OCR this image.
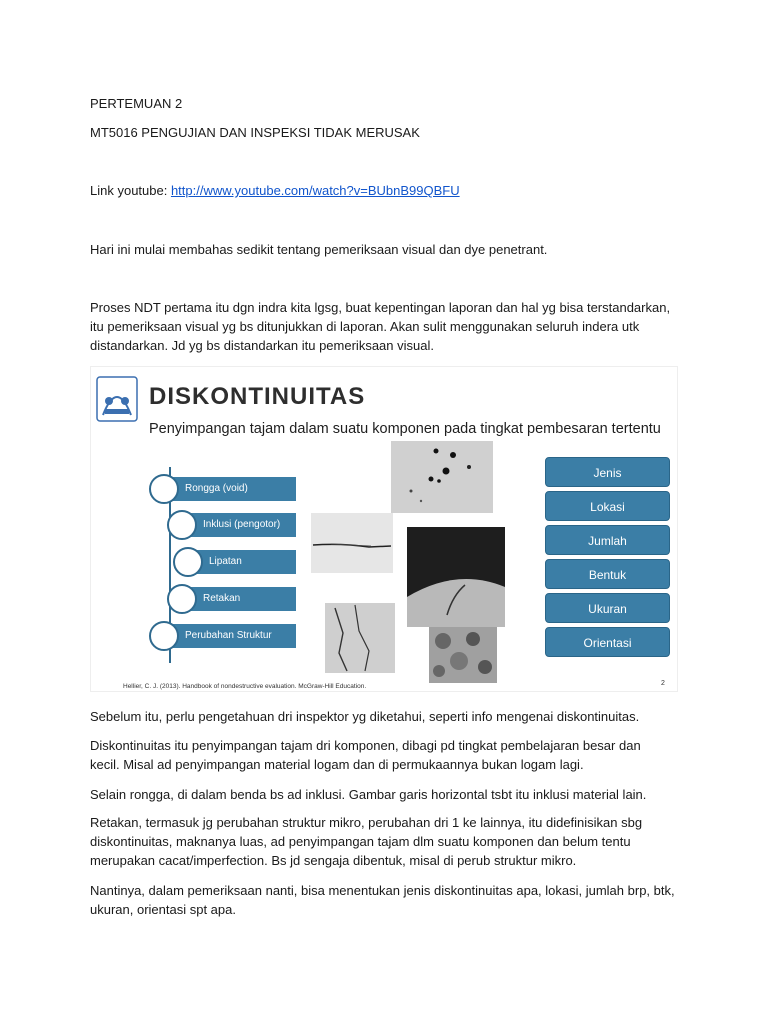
PERTEMUAN 2

MT5016 PENGUJIAN DAN INSPEKSI TIDAK MERUSAK

Link youtube: http://www.youtube.com/watch?v=BUbnB99QBFU

Hari ini mulai membahas sedikit tentang pemeriksaan visual dan dye penetrant.

Proses NDT pertama itu dgn indra kita lgsg, buat kepentingan laporan dan hal yg bisa terstandarkan, itu pemeriksaan visual yg bs ditunjukkan di laporan. Akan sulit menggunakan seluruh indera utk distandarkan. Jd yg bs distandarkan itu pemeriksaan visual.

DISKONTINUITAS
Penyimpangan tajam dalam suatu komponen pada tingkat pembesaran tertentu
Rongga (void)
Inklusi (pengotor)
Lipatan
Retakan
Perubahan Struktur Mikro
Jenis
Lokasi
Jumlah
Bentuk
Ukuran
Orientasi
Hellier, C. J. (2013). Handbook of nondestructive evaluation. McGraw-Hill Education.	2

Sebelum itu, perlu pengetahuan dri inspektor yg diketahui, seperti info mengenai diskontinuitas.

Diskontinuitas itu penyimpangan tajam dri komponen, dibagi pd tingkat pembelajaran besar dan kecil. Misal ad penyimpangan material logam dan di permukaannya bukan logam lagi.

Selain rongga, di dalam benda bs ad inklusi. Gambar garis horizontal tsbt itu inklusi material lain.

Retakan, termasuk jg perubahan struktur mikro, perubahan dri 1 ke lainnya, itu didefinisikan sbg diskontinuitas, maknanya luas, ad penyimpangan tajam dlm suatu komponen dan belum tentu merupakan cacat/imperfection. Bs jd sengaja dibentuk, misal di perub struktur mikro.

Nantinya, dalam pemeriksaan nanti, bisa menentukan jenis diskontinuitas apa, lokasi, jumlah brp, btk, ukuran, orientasi spt apa.
